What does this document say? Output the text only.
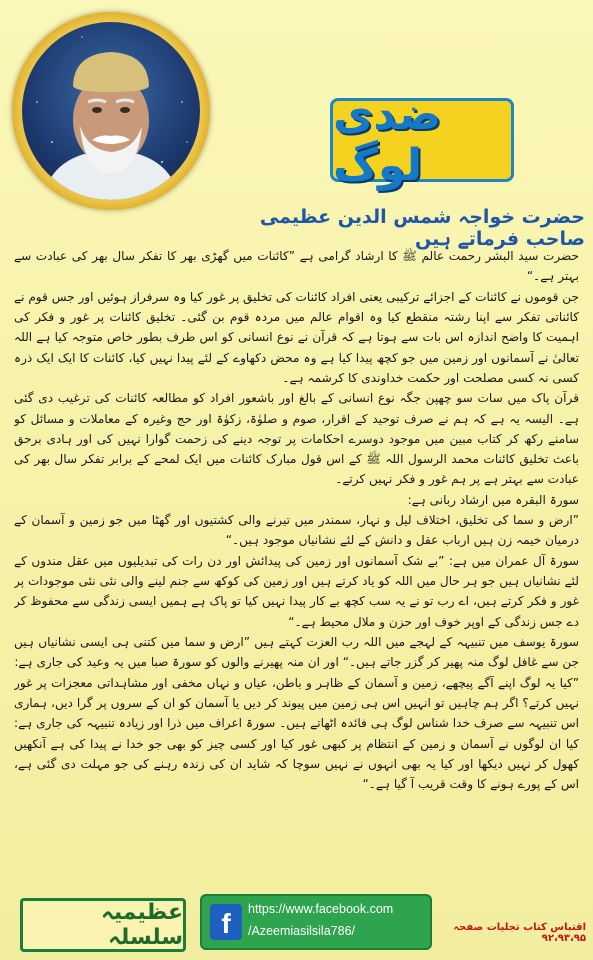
ضدی لوگ
حضرت خواجہ شمس الدین عظیمی صاحب فرماتے ہیں

حضرت سید البشر رحمت عالم ﷺ کا ارشاد گرامی ہے ”کائنات میں گھڑی بھر کا تفکر سال بھر کی عبادت سے بہتر ہے۔“

جن قوموں نے کائنات کے اجزائے ترکیبی یعنی افراد کائنات کی تخلیق پر غور کیا وہ سرفراز ہوئیں اور جس قوم نے کائناتی تفکر سے اپنا رشتہ منقطع کیا وہ اقوام عالم میں مردہ قوم بن گئی۔ تخلیق کائنات پر غور و فکر کی اہمیت کا واضح اندازہ اس بات سے ہوتا ہے کہ قرآن نے نوع انسانی کو اس طرف بطور خاص متوجہ کیا ہے اللہ تعالیٰ نے آسمانوں اور زمین میں جو کچھ پیدا کیا ہے وہ محض دکھاوے کے لئے پیدا نہیں کیا، کائنات کا ایک ایک ذرہ کسی نہ کسی مصلحت اور حکمت خداوندی کا کرشمہ ہے۔

قرآن پاک میں سات سو چھپن جگہ نوع انسانی کے بالغ اور باشعور افراد کو مطالعہ کائنات کی ترغیب دی گئی ہے۔ الیسہ یہ ہے کہ ہم نے صرف توحید کے اقرار، صوم و صلوٰۃ، زکوٰۃ اور حج وغیرہ کے معاملات و مسائل کو سامنے رکھ کر کتاب مبین میں موجود دوسرے احکامات پر توجہ دینے کی زحمت گوارا نہیں کی اور ہادی برحق باعث تخلیق کائنات محمد الرسول اللہ ﷺ کے اس قول مبارک کائنات میں ایک لمحے کے برابر تفکر سال بھر کی عبادت سے بہتر ہے پر ہم غور و فکر نہیں کرتے۔

سورۃ البقرہ میں ارشاد ربانی ہے:

”ارض و سما کی تخلیق، اختلاف لیل و نہار، سمندر میں تیرنے والی کشتیوں اور گھٹا میں جو زمین و آسمان کے درمیان خیمہ زن ہیں ارباب عقل و دانش کے لئے نشانیاں موجود ہیں۔“

سورۃ آل عمران میں ہے: ”بے شک آسمانوں اور زمین کی پیدائش اور دن رات کی تبدیلیوں میں عقل مندوں کے لئے نشانیاں ہیں جو ہر حال میں اللہ کو یاد کرتے ہیں اور زمین کی کوکھ سے جنم لینے والی نئی نئی موجودات پر غور و فکر کرتے ہیں، اے رب تو نے یہ سب کچھ بے کار پیدا نہیں کیا تو پاک ہے ہمیں ایسی زندگی سے محفوظ کر دے جس زندگی کے اوپر خوف اور حزن و ملال محیط ہے۔“

سورۃ یوسف میں تنبیہہ کے لہجے میں اللہ رب العزت کہتے ہیں ”ارض و سما میں کتنی ہی ایسی نشانیاں ہیں جن سے غافل لوگ منہ پھیر کر گزر جاتے ہیں۔“ اور ان منہ پھیرنے والوں کو سورۃ صبا میں یہ وعید کی جاری ہے:

”کیا یہ لوگ اپنے آگے پیچھے، زمین و آسمان کے ظاہر و باطن، عیاں و نہاں مخفی اور مشاہداتی معجزات پر غور نہیں کرتے؟ اگر ہم چاہیں تو انہیں اس ہی زمین میں پیوند کر دیں یا آسمان کو ان کے سروں پر گرا دیں، ہماری اس تنبیہہ سے صرف خدا شناس لوگ ہی فائدہ اٹھاتے ہیں۔ سورۃ اعراف میں ذرا اور زیادہ تنبیہہ کی جاری ہے: کیا ان لوگوں نے آسمان و زمین کے انتظام پر کبھی غور کیا اور کسی چیز کو بھی جو خدا نے پیدا کی ہے آنکھیں کھول کر نہیں دیکھا اور کیا یہ بھی انہوں نے نہیں سوچا کہ شاید ان کی زندہ رہنے کی جو مہلت دی گئی ہے، اس کے پورے ہونے کا وقت قریب آ گیا ہے۔“

عظیمیہ سلسلہ	f	https://www.facebook.com
/Azeemiasilsila786/	اقتباس کتاب تجلیات صفحہ ۹۲،۹۳،۹۵
